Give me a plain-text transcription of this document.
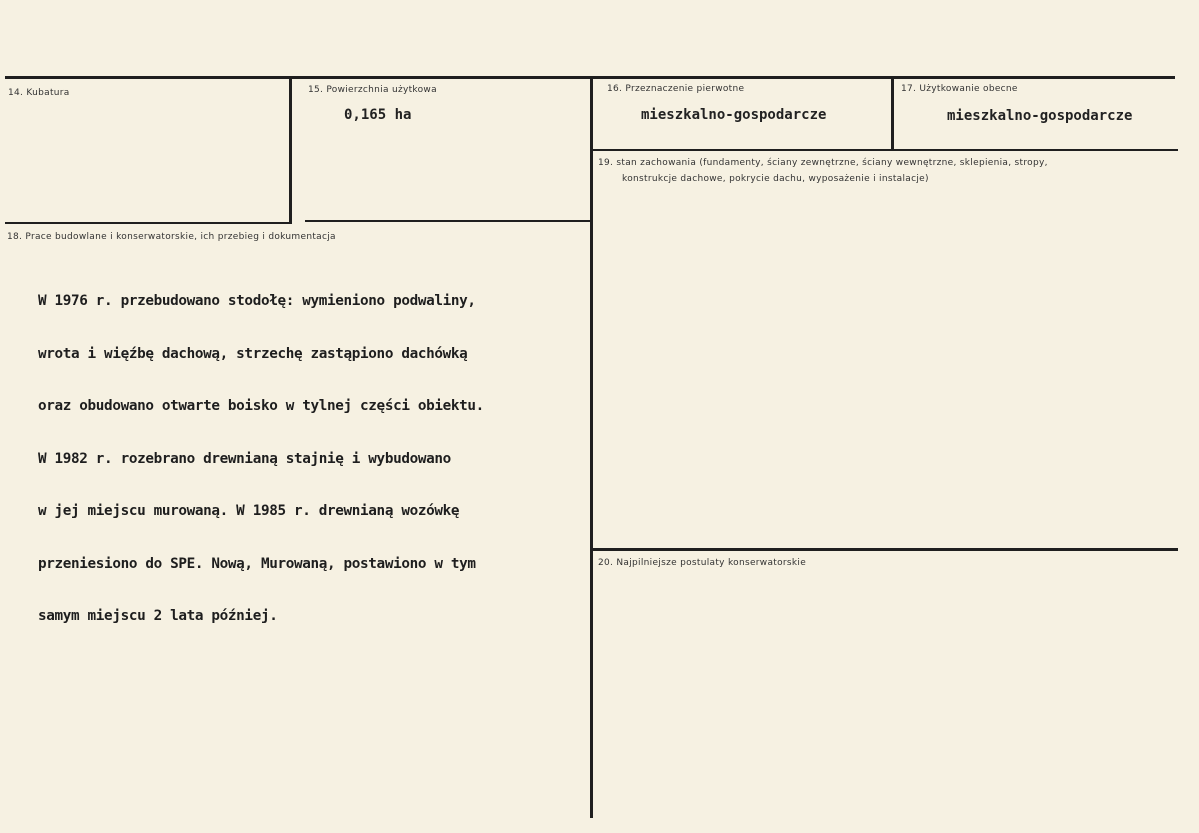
14. Kubatura	15. Powierzchnia użytkowa
0,165 ha
16. Przeznaczenie pierwotne
mieszkalno-gospodarcze
17. Użytkowanie obecne
mieszkalno-gospodarcze
18. Prace budowlane i konserwatorskie, ich przebieg i dokumentacja

W 1976 r. przebudowano stodołę: wymieniono podwaliny,

wrota i więźbę dachową, strzechę zastąpiono dachówką

oraz obudowano otwarte boisko w tylnej części obiektu.

W 1982 r. rozebrano drewnianą stajnię i wybudowano

w jej miejscu murowaną. W 1985 r. drewnianą wozówkę

przeniesiono do SPE. Nową, Murowaną, postawiono w tym

samym miejscu 2 lata później.

19. stan zachowania (fundamenty, ściany zewnętrzne, ściany wewnętrzne, sklepienia, stropy,
konstrukcje dachowe, pokrycie dachu, wyposażenie i instalacje)
20. Najpilniejsze postulaty konserwatorskie
